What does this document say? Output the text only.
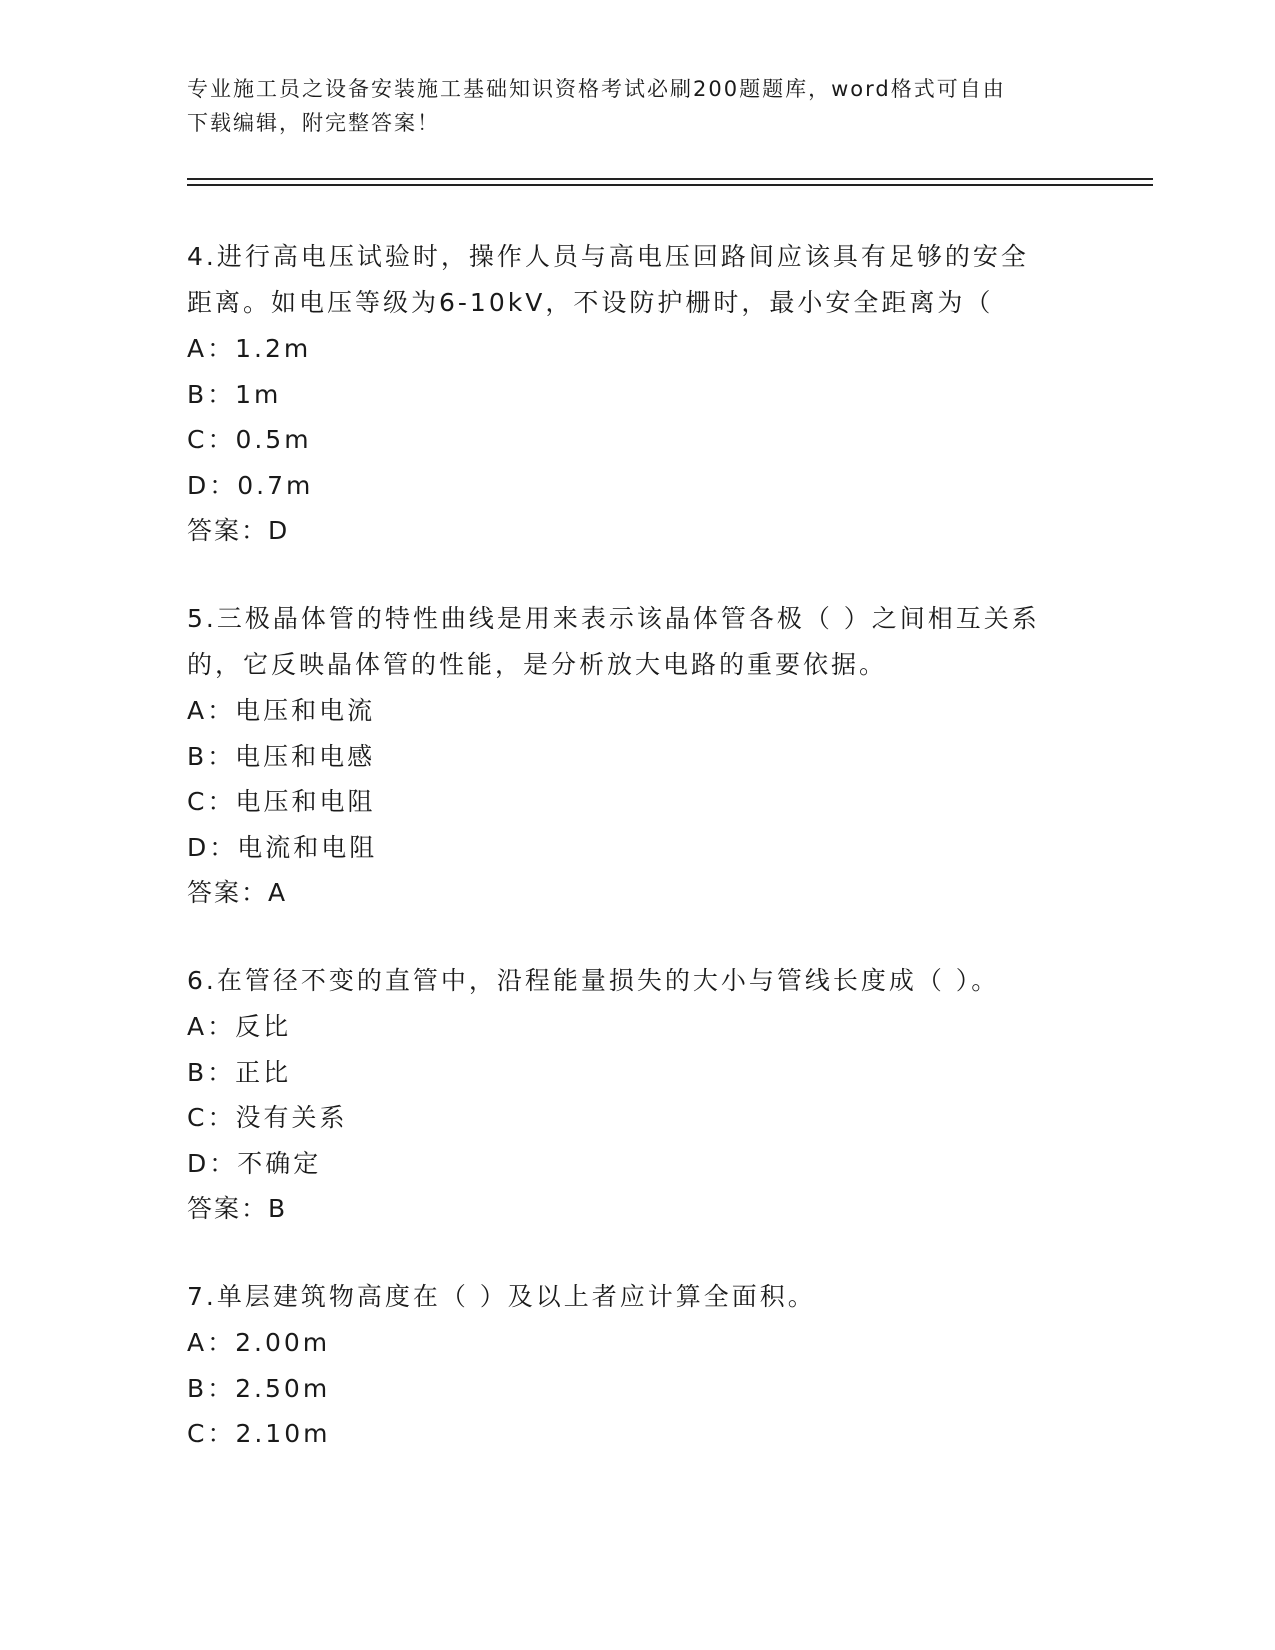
专业施工员之设备安装施工基础知识资格考试必刷200题题库，word格式可自由
下载编辑，附完整答案！
4.进行高电压试验时，操作人员与高电压回路间应该具有足够的安全
距离。如电压等级为6-10kV，不设防护栅时，最小安全距离为（
A：1.2m
B：1m
C：0.5m
D：0.7m
答案：D
5.三极晶体管的特性曲线是用来表示该晶体管各极（ ）之间相互关系
的，它反映晶体管的性能，是分析放大电路的重要依据。
A：电压和电流
B：电压和电感
C：电压和电阻
D：电流和电阻
答案：A
6.在管径不变的直管中，沿程能量损失的大小与管线长度成（ ）。
A：反比
B：正比
C：没有关系
D：不确定
答案：B
7.单层建筑物高度在（ ）及以上者应计算全面积。
A：2.00m
B：2.50m
C：2.10m
